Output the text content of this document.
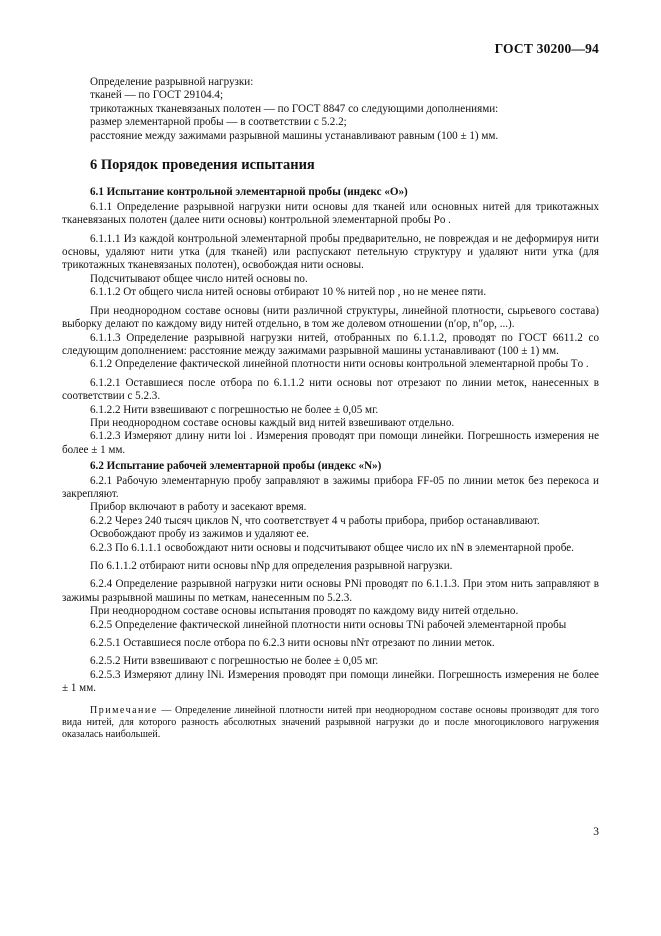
ГОСТ 30200—94

Определение разрывной нагрузки:

тканей — по ГОСТ 29104.4;

трикотажных тканевязаных полотен — по ГОСТ 8847 со следующими дополнениями:

размер элементарной пробы — в соответствии с 5.2.2;

расстояние между зажимами разрывной машины устанавливают равным (100 ± 1) мм.

6 Порядок проведения испытания
6.1 Испытание контрольной элементарной пробы (индекс «О»)

6.1.1 Определение разрывной нагрузки нити основы для тканей или основных нитей для трикотажных тканевязаных полотен (далее нити основы) контрольной элементарной пробы Pо .

6.1.1.1 Из каждой контрольной элементарной пробы предварительно, не повреждая и не деформируя нити основы, удаляют нити утка (для тканей) или распускают петельную структуру и удаляют нити утка (для трикотажных тканевязаных полотен), освобождая нити основы.

Подсчитывают общее число нитей основы nо.

6.1.1.2 От общего числа нитей основы отбирают 10 % нитей nор , но не менее пяти.

При неоднородном составе основы (нити различной структуры, линейной плотности, сырьевого состава) выборку делают по каждому виду нитей отдельно, в том же долевом отношении (n′ор, n″ор, ...).

6.1.1.3 Определение разрывной нагрузки нитей, отобранных по 6.1.1.2, проводят по ГОСТ 6611.2 со следующим дополнением: расстояние между зажимами разрывной машины устанавливают (100 ± 1) мм.

6.1.2 Определение фактической линейной плотности нити основы контрольной элементарной пробы Tо .

6.1.2.1 Оставшиеся после отбора по 6.1.1.2 нити основы nот отрезают по линии меток, нанесенных в соответствии с 5.2.3.

6.1.2.2 Нити взвешивают с погрешностью не более ± 0,05 мг.

При неоднородном составе основы каждый вид нитей взвешивают отдельно.

6.1.2.3 Измеряют длину нити lоi . Измерения проводят при помощи линейки. Погрешность измерения не более ± 1 мм.

6.2 Испытание рабочей элементарной пробы (индекс «N»)

6.2.1 Рабочую элементарную пробу заправляют в зажимы прибора FF-05 по линии меток без перекоса и закрепляют.

Прибор включают в работу и засекают время.

6.2.2 Через 240 тысяч циклов N, что соответствует 4 ч работы прибора, прибор останавливают.

Освобождают пробу из зажимов и удаляют ее.

6.2.3 По 6.1.1.1 освобождают нити основы и подсчитывают общее число их nN в элементарной пробе.

По 6.1.1.2 отбирают нити основы nNр для определения разрывной нагрузки.

6.2.4 Определение разрывной нагрузки нити основы PNi проводят по 6.1.1.3. При этом нить заправляют в зажимы разрывной машины по меткам, нанесенным по 5.2.3.

При неоднородном составе основы испытания проводят по каждому виду нитей отдельно.

6.2.5 Определение фактической линейной плотности нити основы TNi рабочей элементарной пробы

6.2.5.1 Оставшиеся после отбора по 6.2.3 нити основы nNт отрезают по линии меток.

6.2.5.2 Нити взвешивают с погрешностью не более ± 0,05 мг.

6.2.5.3 Измеряют длину lNi. Измерения проводят при помощи линейки. Погрешность измерения не более ± 1 мм.

Примечание — Определение линейной плотности нитей при неоднородном составе основы производят для того вида нитей, для которого разность абсолютных значений разрывной нагрузки до и после многоциклового нагружения оказалась наибольшей.
3
